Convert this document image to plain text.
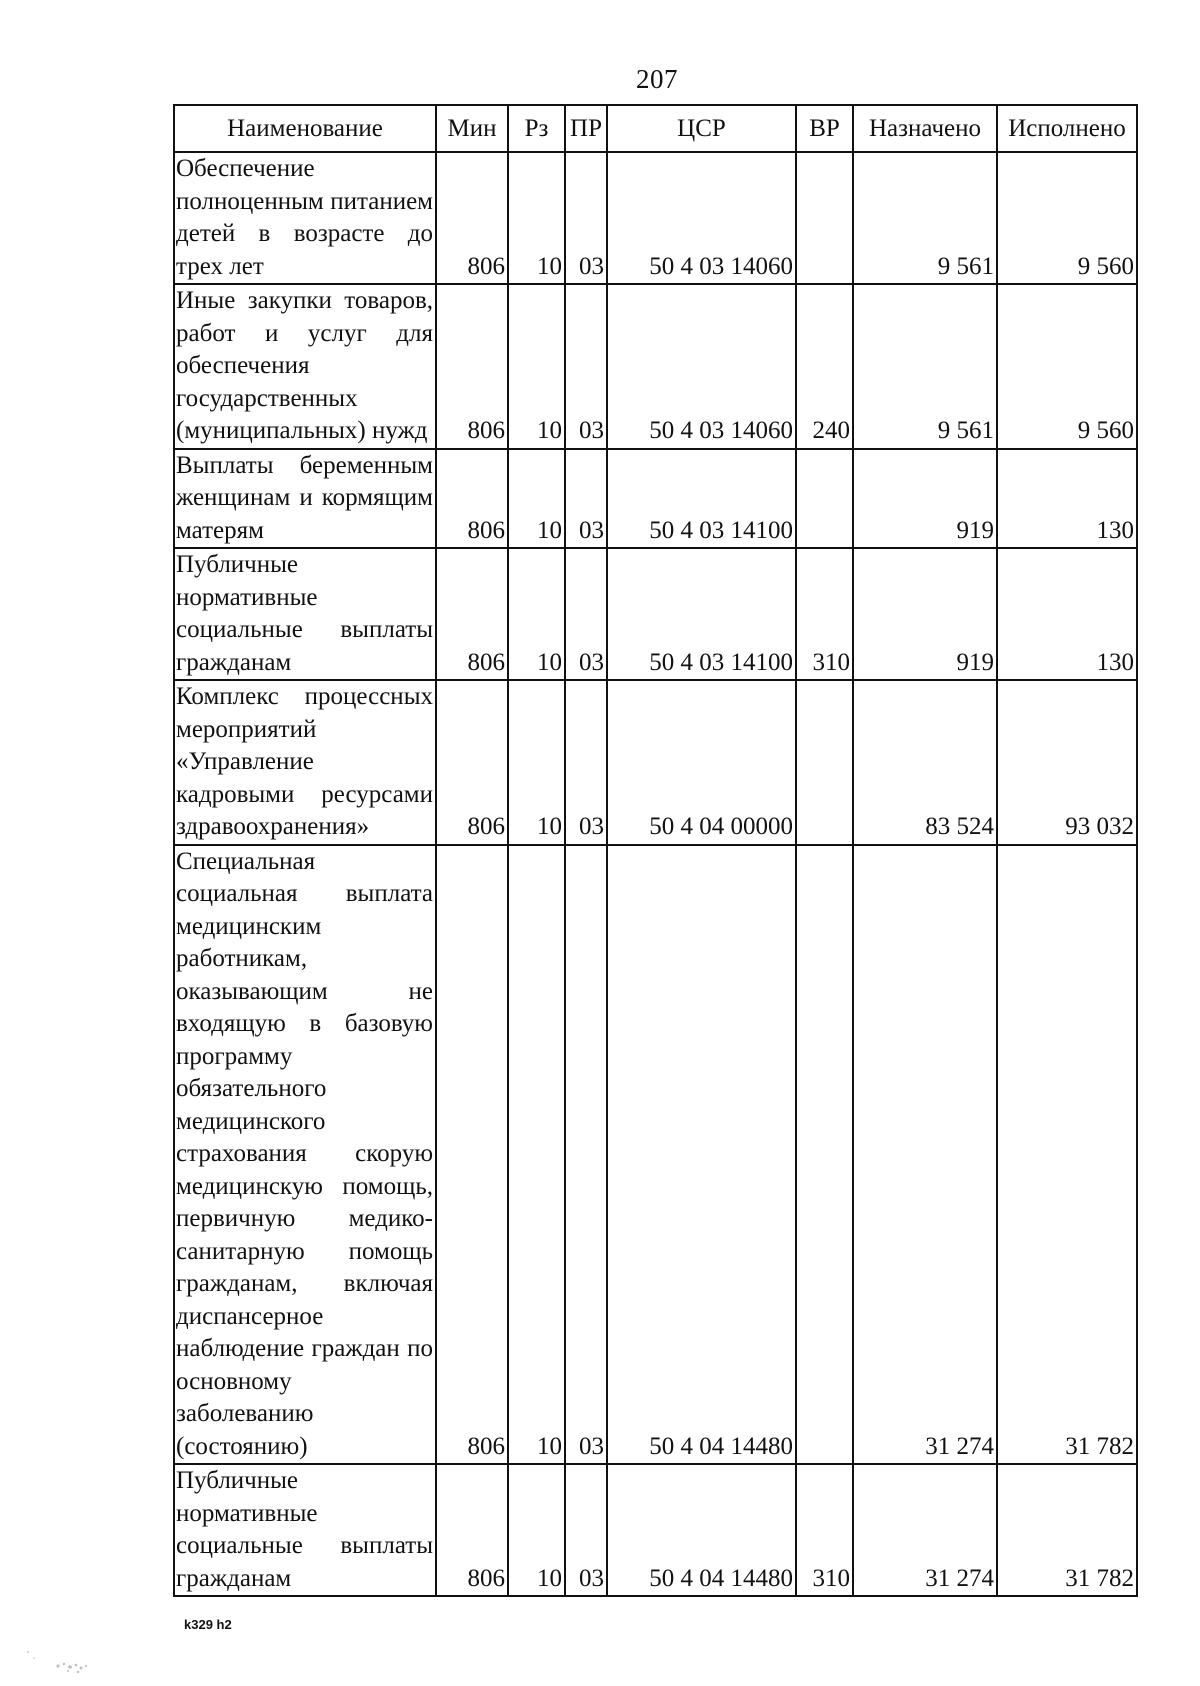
207
Наименование	Мин	Рз	ПР	ЦСР	ВР	Назначено	Исполнено
Обеспечение полноценным питанием детей в возрасте до трех лет	806	10	03	50 4 03 14060		9 561	9 560
Иные закупки товаров, работ и услуг для обеспечения государственных (муниципальных) нужд	806	10	03	50 4 03 14060	240	9 561	9 560
Выплаты беременным женщинам и кормящим матерям	806	10	03	50 4 03 14100		919	130
Публичные нормативные социальные выплаты гражданам	806	10	03	50 4 03 14100	310	919	130
Комплекс процессных мероприятий «Управление кадровыми ресурсами здравоохранения»	806	10	03	50 4 04 00000		83 524	93 032
Специальная социальная выплата медицинским работникам, оказывающим не входящую в базовую программу обязательного медицинского страхования скорую медицинскую помощь, первичную медико-санитарную помощь гражданам, включая диспансерное наблюдение граждан по основному заболеванию (состоянию)	806	10	03	50 4 04 14480		31 274	31 782
Публичные нормативные социальные выплаты гражданам	806	10	03	50 4 04 14480	310	31 274	31 782
k329 h2
